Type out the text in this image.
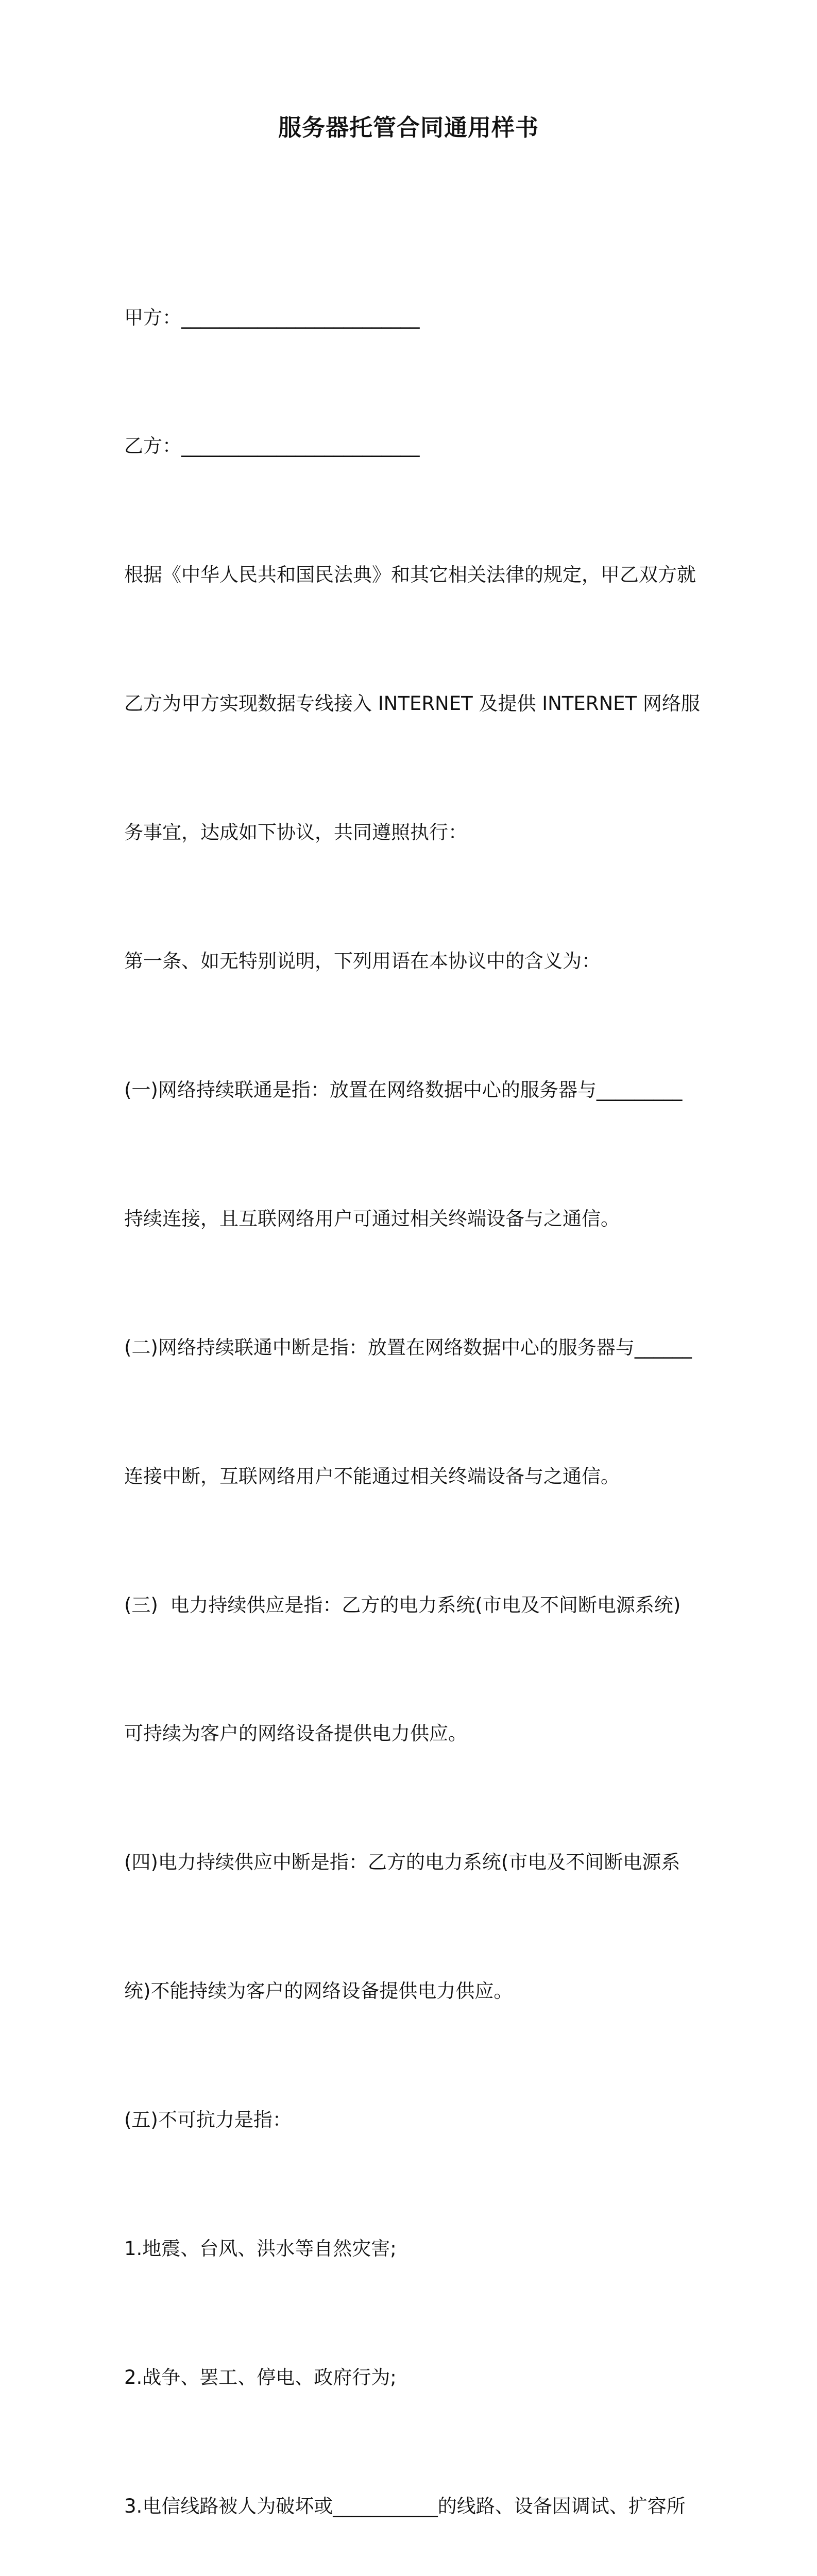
服务器托管合同通用样书

甲方：_________________________

乙方：_________________________

根据《中华人民共和国民法典》和其它相关法律的规定，甲乙双方就

乙方为甲方实现数据专线接入 INTERNET 及提供 INTERNET 网络服

务事宜，达成如下协议，共同遵照执行：

第一条、如无特别说明，下列用语在本协议中的含义为：

(一)网络持续联通是指：放置在网络数据中心的服务器与_________

持续连接，且互联网络用户可通过相关终端设备与之通信。

(二)网络持续联通中断是指：放置在网络数据中心的服务器与______

连接中断，互联网络用户不能通过相关终端设备与之通信。

(三)  电力持续供应是指：乙方的电力系统(市电及不间断电源系统)

可持续为客户的网络设备提供电力供应。

(四)电力持续供应中断是指：乙方的电力系统(市电及不间断电源系

统)不能持续为客户的网络设备提供电力供应。

(五)不可抗力是指：

1.地震、台风、洪水等自然灾害;

2.战争、罢工、停电、政府行为;

3.电信线路被人为破坏或___________的线路、设备因调试、扩容所
